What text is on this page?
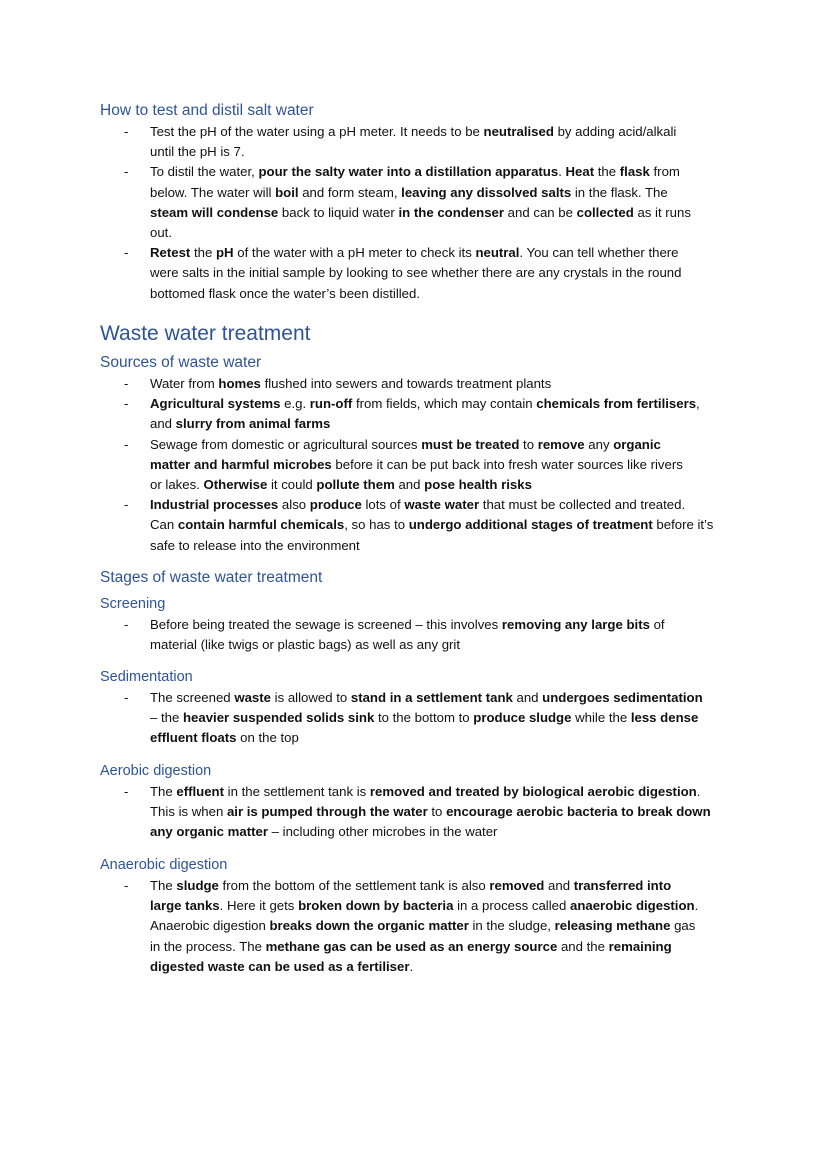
How to test and distil salt water
- Test the pH of the water using a pH meter. It needs to be neutralised by adding acid/alkali
until the pH is 7.
- To distil the water, pour the salty water into a distillation apparatus. Heat the flask from
below. The water will boil and form steam, leaving any dissolved salts in the flask. The
steam will condense back to liquid water in the condenser and can be collected as it runs
out.
- Retest the pH of the water with a pH meter to check its neutral. You can tell whether there
were salts in the initial sample by looking to see whether there are any crystals in the round
bottomed flask once the water’s been distilled.
Waste water treatment
Sources of waste water
- Water from homes flushed into sewers and towards treatment plants
- Agricultural systems e.g. run-off from fields, which may contain chemicals from fertilisers,
and slurry from animal farms
- Sewage from domestic or agricultural sources must be treated to remove any organic
matter and harmful microbes before it can be put back into fresh water sources like rivers
or lakes. Otherwise it could pollute them and pose health risks
- Industrial processes also produce lots of waste water that must be collected and treated.
Can contain harmful chemicals, so has to undergo additional stages of treatment before it’s
safe to release into the environment
Stages of waste water treatment
Screening
- Before being treated the sewage is screened – this involves removing any large bits of
material (like twigs or plastic bags) as well as any grit
Sedimentation
- The screened waste is allowed to stand in a settlement tank and undergoes sedimentation
– the heavier suspended solids sink to the bottom to produce sludge while the less dense
effluent floats on the top
Aerobic digestion
- The effluent in the settlement tank is removed and treated by biological aerobic digestion.
This is when air is pumped through the water to encourage aerobic bacteria to break down
any organic matter – including other microbes in the water
Anaerobic digestion
- The sludge from the bottom of the settlement tank is also removed and transferred into
large tanks. Here it gets broken down by bacteria in a process called anaerobic digestion.
Anaerobic digestion breaks down the organic matter in the sludge, releasing methane gas
in the process. The methane gas can be used as an energy source and the remaining
digested waste can be used as a fertiliser.
